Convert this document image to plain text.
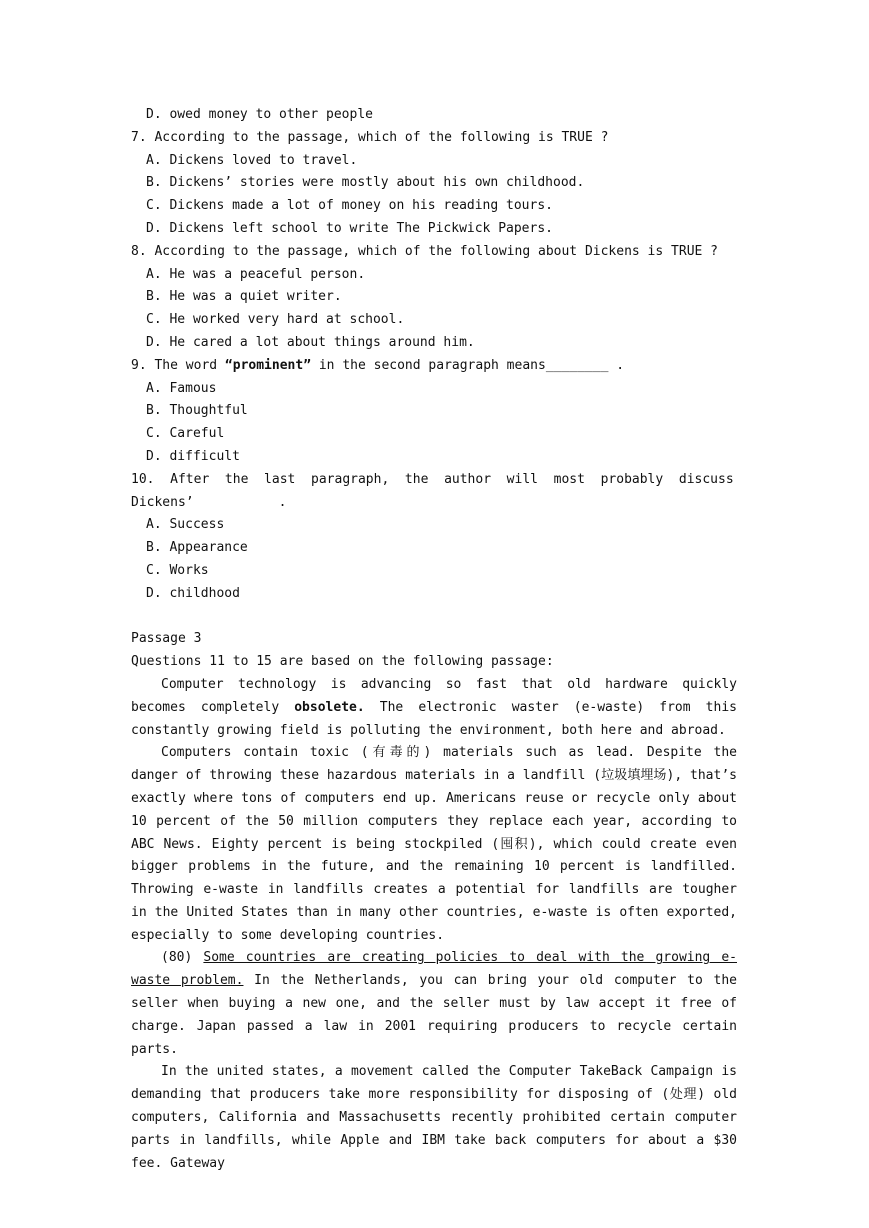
D. owed money to other people
7. According to the passage, which of the following is TRUE ?
A. Dickens loved to travel.
B. Dickens’ stories were mostly about his own childhood.
C. Dickens made a lot of money on his reading tours.
D. Dickens left school to write The Pickwick Papers.
8. According to the passage, which of the following about Dickens is TRUE ?
A. He was a peaceful person.
B. He was a quiet writer.
C. He worked very hard at school.
D. He cared a lot about things around him.
9. The word “prominent” in the second paragraph means________ .
A. Famous
B. Thoughtful
C. Careful
D. difficult
10.  After  the  last  paragraph,  the  author  will  most  probably  discuss
Dickens’	.
A. Success
B. Appearance
C. Works
D. childhood
Passage 3
Questions 11 to 15 are based on the following passage:

Computer technology is advancing so fast that old hardware quickly becomes completely obsolete. The electronic waster (e-waste) from this constantly growing field is polluting the environment, both here and abroad.

Computers contain toxic (有毒的) materials such as lead. Despite the danger of throwing these hazardous materials in a landfill (垃圾填埋场), that’s exactly where tons of computers end up. Americans reuse or recycle only about 10 percent of the 50 million computers they replace each year, according to ABC News. Eighty percent is being stockpiled (囤积), which could create even bigger problems in the future, and the remaining 10 percent is landfilled. Throwing e-waste in landfills creates a potential for landfills are tougher in the United States than in many other countries, e-waste is often exported, especially to some developing countries.

(80) Some countries are creating policies to deal with the growing e-waste problem. In the Netherlands, you can bring your old computer to the seller when buying a new one, and the seller must by law accept it free of charge. Japan passed a law in 2001 requiring producers to recycle certain parts.

In the united states, a movement called the Computer TakeBack Campaign is demanding that producers take more responsibility for disposing of (处理) old computers, California and Massachusetts recently prohibited certain computer parts in landfills, while Apple and IBM take back computers for about a $30 fee. Gateway
